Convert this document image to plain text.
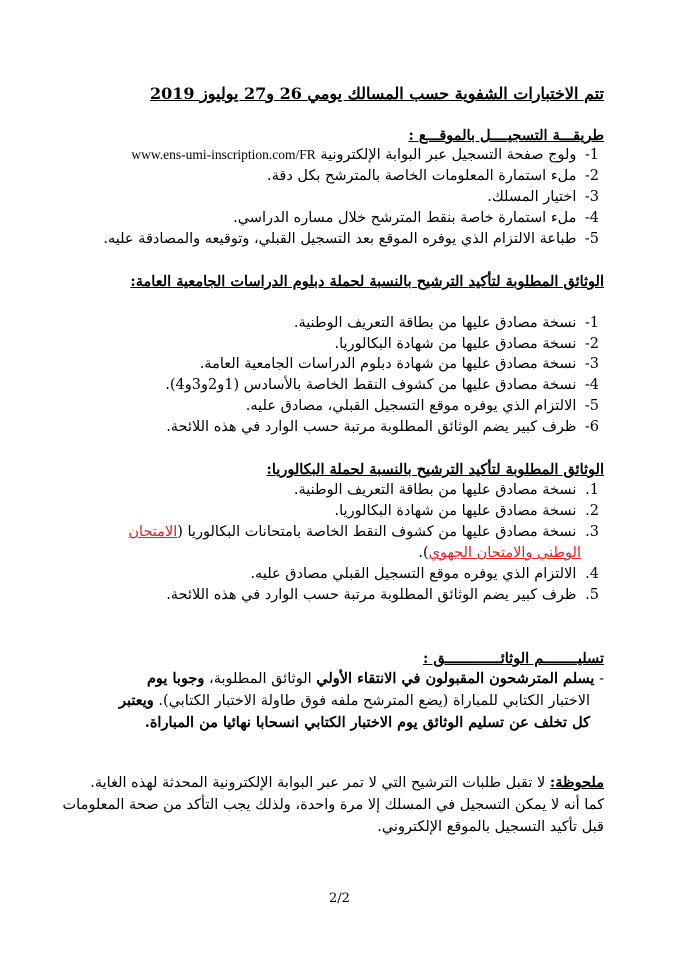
تتم الاختبارات الشفوية حسب المسالك يومي 26 و27 يوليوز 2019
طريقـــة التسجيــــل بالموقـــع :
1- ولوج صفحة التسجيل عبر البوابة الإلكترونية www.ens-umi-inscription.com/FR
2- ملء استمارة المعلومات الخاصة بالمترشح بكل دقة.
3- اختيار المسلك.
4- ملء استمارة خاصة بنقط المترشح خلال مساره الدراسي.
5- طباعة الالتزام الذي يوفره الموقع بعد التسجيل القبلي، وتوقيعه والمصادقة عليه.
الوثائق المطلوبة لتأكيد الترشيح بالنسبة لحملة دبلوم الدراسات الجامعية العامة:
1- نسخة مصادق عليها من بطاقة التعريف الوطنية.
2- نسخة مصادق عليها من شهادة البكالوريا.
3- نسخة مصادق عليها من شهادة دبلوم الدراسات الجامعية العامة.
4- نسخة مصادق عليها من كشوف النقط الخاصة بالأسادس (1و2و3و4).
5- الالتزام الذي يوفره موقع التسجيل القبلي، مصادق عليه.
6- ظرف كبير يضم الوثائق المطلوبة مرتبة حسب الوارد في هذه اللائحة.
الوثائق المطلوبة لتأكيد الترشيح بالنسبة لحملة البكالوريا:
1. نسخة مصادق عليها من بطاقة التعريف الوطنية.
2. نسخة مصادق عليها من شهادة البكالوريا.
3. نسخة مصادق عليها من كشوف النقط الخاصة بامتحانات البكالوريا (الامتحان
الوطني والامتحان الجهوي).
4. الالتزام الذي يوفره موقع التسجيل القبلي مصادق عليه.
5. ظرف كبير يضم الوثائق المطلوبة مرتبة حسب الوارد في هذه اللائحة.
تسليــــــــم الوثائـــــــــــــق :
- يسلم المترشحون المقبولون في الانتقاء الأولي الوثائق المطلوبة، وجوبا يوم
الاختبار الكتابي للمباراة (يضع المترشح ملفه فوق طاولة الاختبار الكتابي). ويعتبر
كل تخلف عن تسليم الوثائق يوم الاختبار الكتابي انسحابا نهائيا من المباراة.
ملحوظة: لا تقبل طلبات الترشيح التي لا تمر عبر البوابة الإلكترونية المحدثة لهذه الغاية.
كما أنه لا يمكن التسجيل في المسلك إلا مرة واحدة، ولذلك يجب التأكد من صحة المعلومات
قبل تأكيد التسجيل بالموقع الإلكتروني.
2/2
